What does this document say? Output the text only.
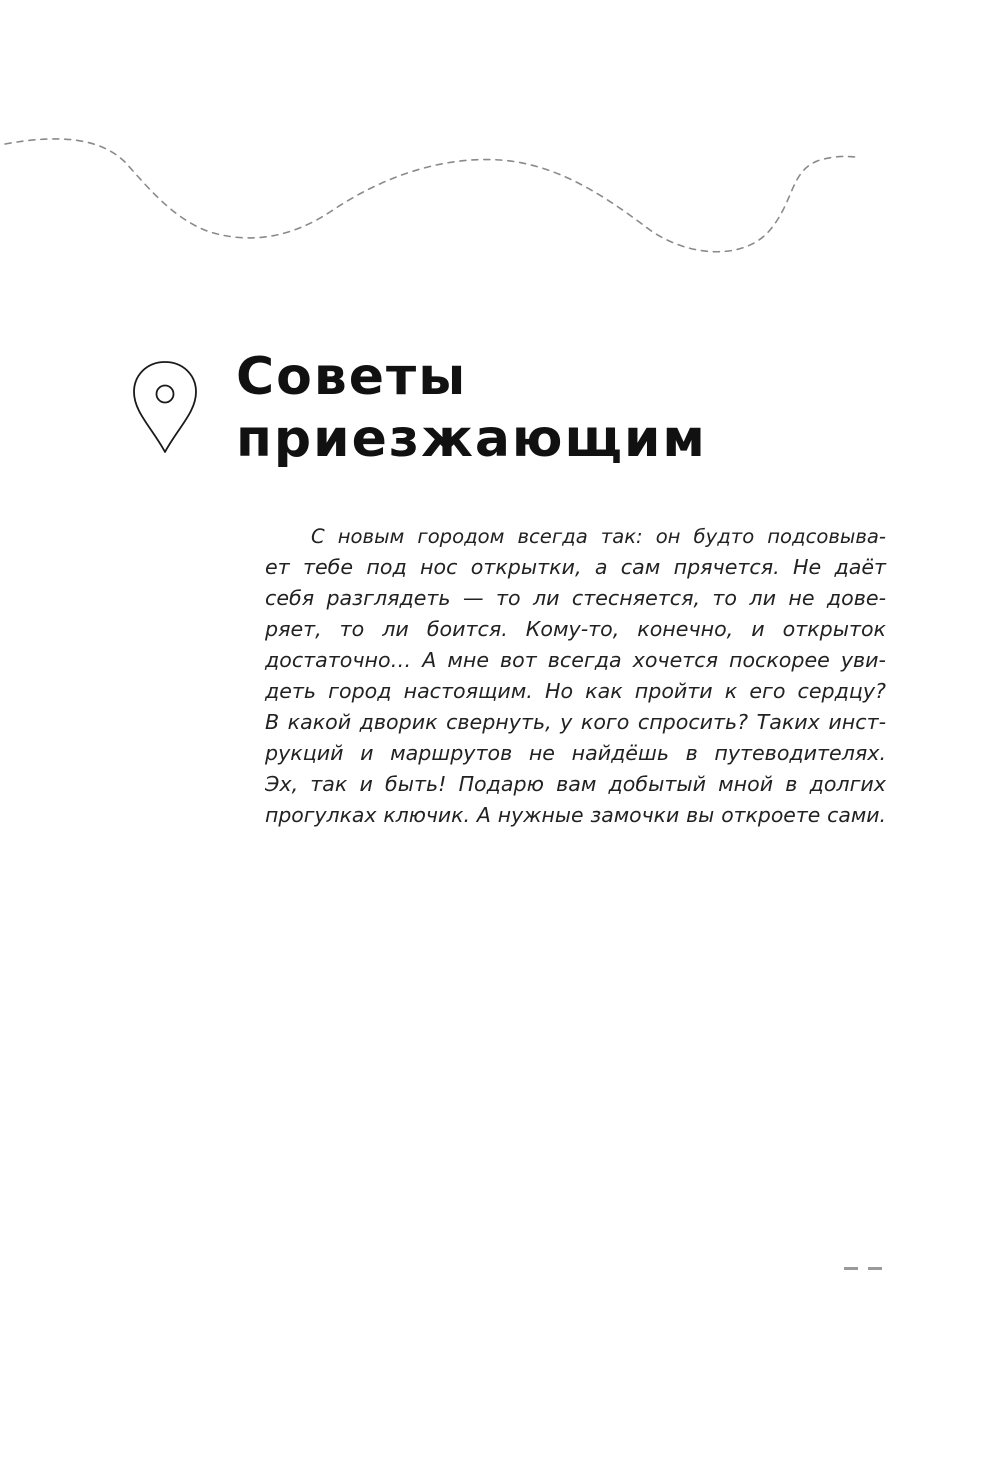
Советы
приезжающим

С новым городом всегда так: он будто подсовыва-
ет тебе под нос открытки, а сам прячется. Не даёт
себя разглядеть — то ли стесняется, то ли не дове-
ряет, то ли боится. Кому-то, конечно, и открыток
достаточно… А мне вот всегда хочется поскорее уви-
деть город настоящим. Но как пройти к его сердцу?
В какой дворик свернуть, у кого спросить? Таких инст-
рукций и маршрутов не найдёшь в путеводителях.
Эх, так и быть! Подарю вам добытый мной в долгих
прогулках ключик. А нужные замочки вы откроете сами.
